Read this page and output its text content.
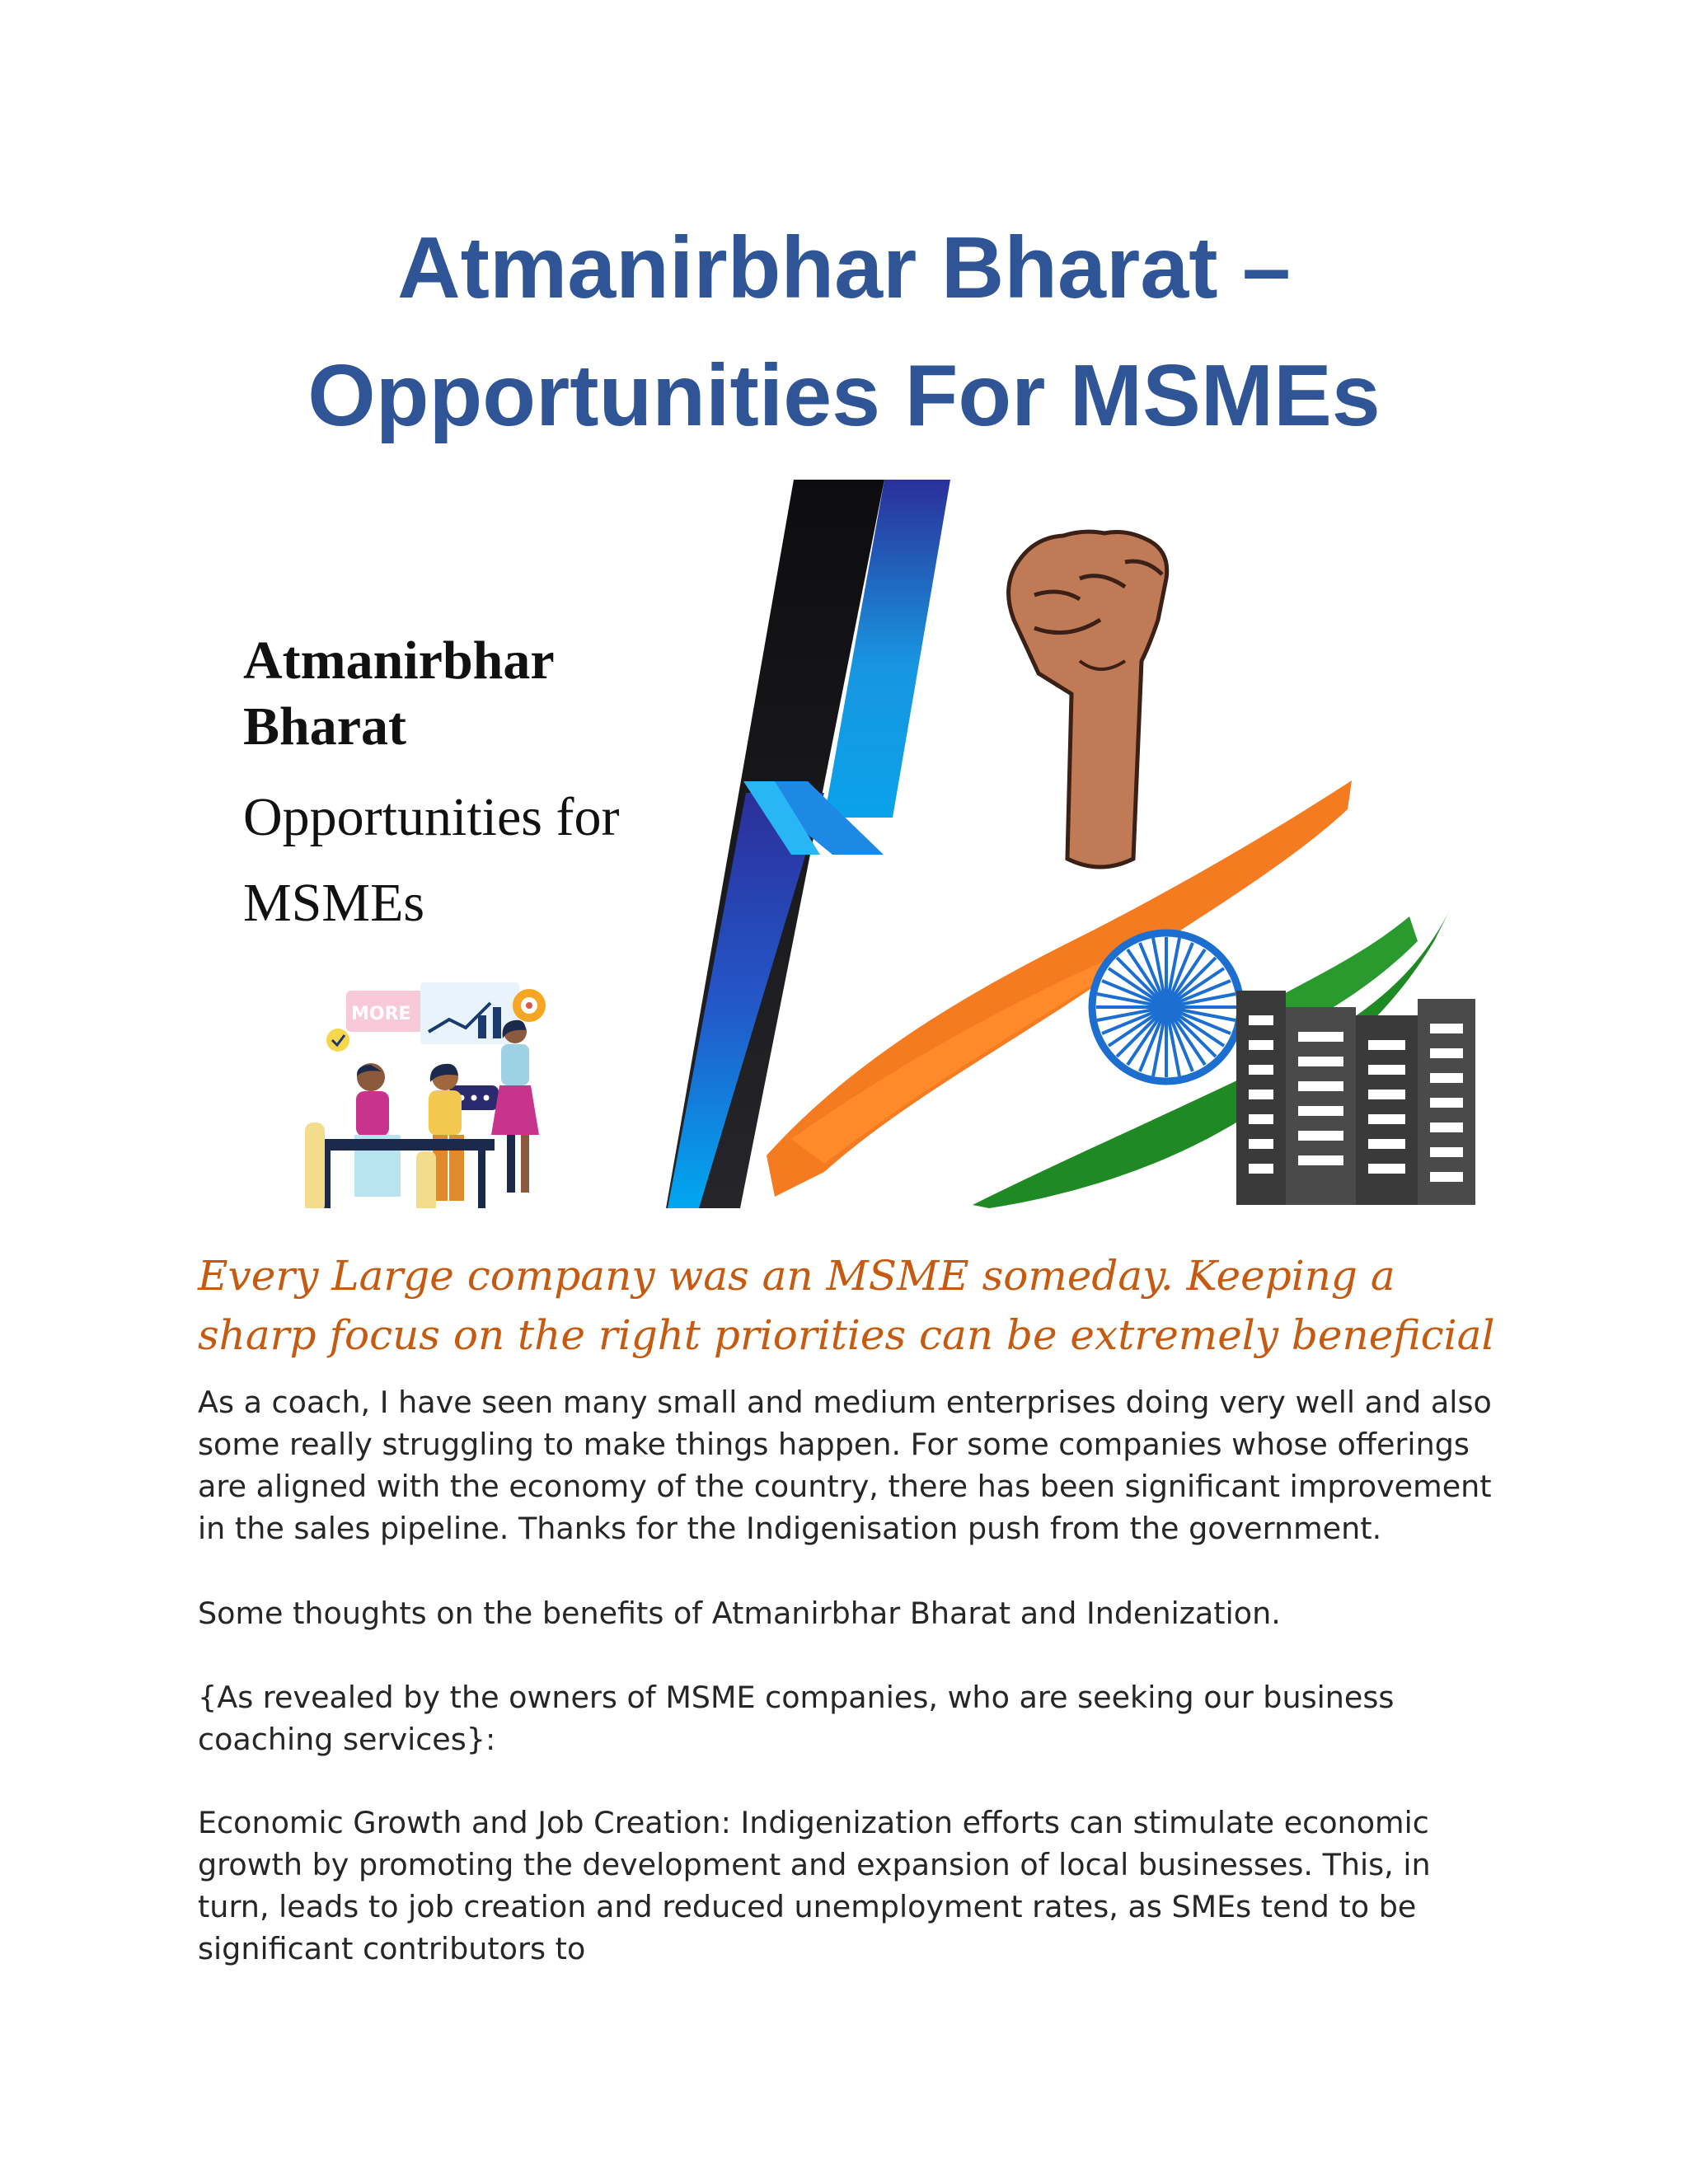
Atmanirbhar Bharat –
Opportunities For MSMEs
MORE
Atmanirbhar
Bharat
Opportunities for
MSMEs

Every Large company was an MSME someday. Keeping a sharp focus on the right priorities can be extremely beneficial

As a coach, I have seen many small and medium enterprises doing very well and also some really struggling to make things happen. For some companies whose offerings are aligned with the economy of the country, there has been significant improvement in the sales pipeline. Thanks for the Indigenisation push from the government.

Some thoughts on the benefits of Atmanirbhar Bharat and Indenization.

{As revealed by the owners of MSME companies, who are seeking our business coaching services}:

Economic Growth and Job Creation: Indigenization efforts can stimulate economic growth by promoting the development and expansion of local businesses. This, in turn, leads to job creation and reduced unemployment rates, as SMEs tend to be significant contributors to
